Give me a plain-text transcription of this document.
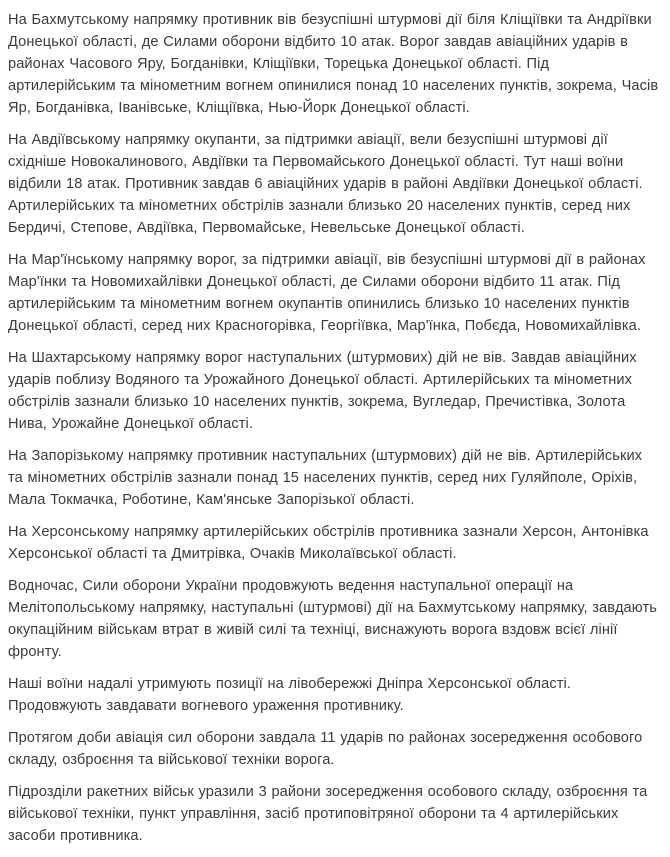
На Бахмутському напрямку противник вів безуспішні штурмові дії біля Кліщіївки та Андріївки Донецької області, де Силами оборони відбито 10 атак. Ворог завдав авіаційних ударів в районах Часового Яру, Богданівки, Кліщіївки, Торецька Донецької області. Під артилерійським та мінометним вогнем опинилися понад 10 населених пунктів, зокрема, Часів Яр, Богданівка, Іванівське, Кліщіївка, Нью-Йорк Донецької області.

На Авдіївському напрямку окупанти, за підтримки авіації, вели безуспішні штурмові дії східніше Новокалинового, Авдіївки та Первомайського Донецької області. Тут наші воїни відбили 18 атак. Противник завдав 6 авіаційних ударів в районі Авдіївки Донецької області. Артилерійських та мінометних обстрілів зазнали близько 20 населених пунктів, серед них Бердичі, Степове, Авдіївка, Первомайське, Невельське Донецької області.

На Мар'їнському напрямку ворог, за підтримки авіації, вів безуспішні штурмові дії в районах Мар'їнки та Новомихайлівки Донецької області, де Силами оборони відбито 11 атак. Під артилерійським та мінометним вогнем окупантів опинились близько 10 населених пунктів Донецької області, серед них Красногорівка, Георгіївка, Мар'їнка, Побєда, Новомихайлівка.

На Шахтарському напрямку ворог наступальних (штурмових) дій не вів. Завдав авіаційних ударів поблизу Водяного та Урожайного Донецької області. Артилерійських та мінометних обстрілів зазнали близько 10 населених пунктів, зокрема, Вугледар, Пречистівка, Золота Нива, Урожайне Донецької області.

На Запорізькому напрямку противник наступальних (штурмових) дій не вів. Артилерійських та мінометних обстрілів зазнали понад 15 населених пунктів, серед них Гуляйполе, Оріхів, Мала Токмачка, Роботине, Кам'янське Запорізької області.

На Херсонському напрямку артилерійських обстрілів противника зазнали Херсон, Антонівка Херсонської області та Дмитрівка, Очаків Миколаївської області.

Водночас, Сили оборони України продовжують ведення наступальної операції на Мелітопольському напрямку, наступальні (штурмові) дії на Бахмутському напрямку, завдають окупаційним військам втрат в живій силі та техніці, виснажують ворога вздовж всієї лінії фронту.

Наші воїни надалі утримують позиції на лівобережжі Дніпра Херсонської області. Продовжують завдавати вогневого ураження противнику.

Протягом доби авіація сил оборони завдала 11 ударів по районах зосередження особового складу, озброєння та військової техніки ворога.

Підрозділи ракетних військ уразили 3 райони зосередження особового складу, озброєння та військової техніки, пункт управління, засіб протиповітряної оборони та 4 артилерійських засоби противника.
